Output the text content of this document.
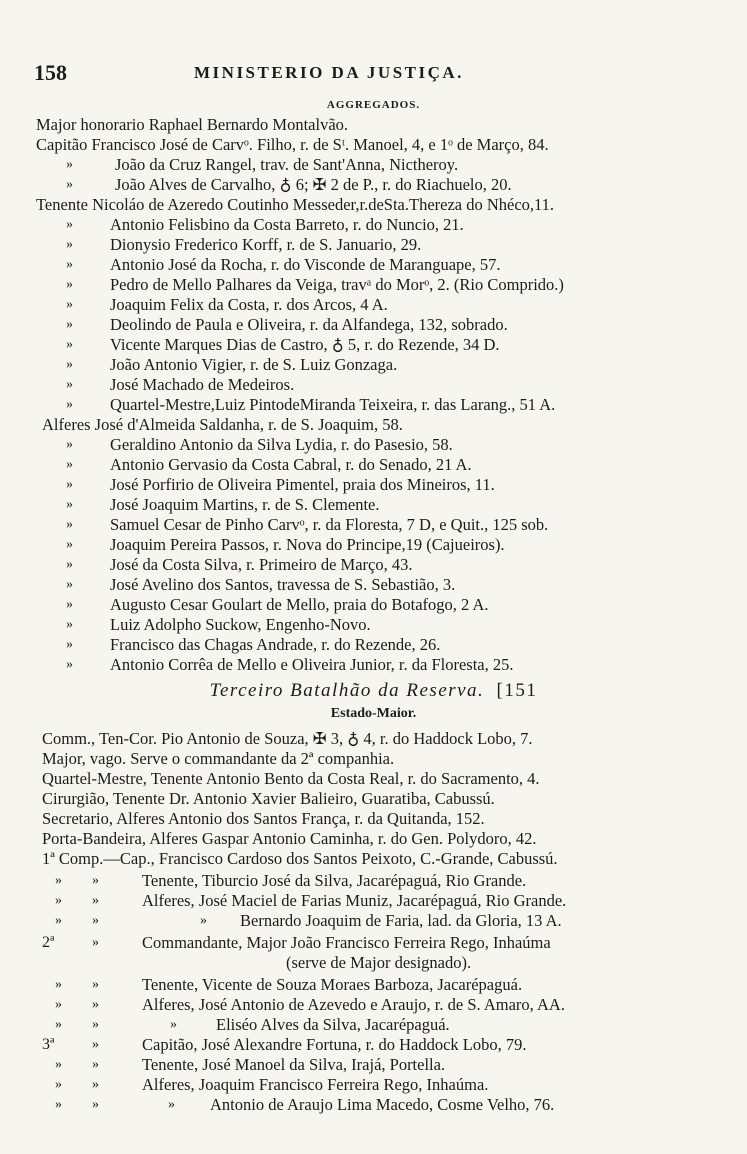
158	MINISTERIO DA JUSTIÇA.
AGGREGADOS.
Major honorario Raphael Bernardo Montalvão.
Capitão Francisco José de Carvᵒ. Filho, r. de Sᵗ. Manoel, 4, e 1ᵒ de Março, 84.
»	João da Cruz Rangel, trav. de Sant'Anna, Nictheroy.
»	João Alves de Carvalho, ♁ 6; ✠ 2 de P., r. do Riachuelo, 20.
Tenente Nicoláo de Azeredo Coutinho Messeder,r.deSta.Thereza do Nhéco,11.
» Antonio Felisbino da Costa Barreto, r. do Nuncio, 21.
» Dionysio Frederico Korff, r. de S. Januario, 29.
» Antonio José da Rocha, r. do Visconde de Maranguape, 57.
» Pedro de Mello Palhares da Veiga, travᵃ do Morᵒ, 2. (Rio Comprido.)
» Joaquim Felix da Costa, r. dos Arcos, 4 A.
» Deolindo de Paula e Oliveira, r. da Alfandega, 132, sobrado.
» Vicente Marques Dias de Castro, ♁ 5, r. do Rezende, 34 D.
» João Antonio Vigier, r. de S. Luiz Gonzaga.
» José Machado de Medeiros.
» Quartel-Mestre,Luiz PintodeMiranda Teixeira, r. das Larang., 51 A.
Alferes José d'Almeida Saldanha, r. de S. Joaquim, 58.
» Geraldino Antonio da Silva Lydia, r. do Pasesio, 58.
» Antonio Gervasio da Costa Cabral, r. do Senado, 21 A.
» José Porfirio de Oliveira Pimentel, praia dos Mineiros, 11.
» José Joaquim Martins, r. de S. Clemente.
» Samuel Cesar de Pinho Carvᵒ, r. da Floresta, 7 D, e Quit., 125 sob.
» Joaquim Pereira Passos, r. Nova do Principe,19 (Cajueiros).
» José da Costa Silva, r. Primeiro de Março, 43.
» José Avelino dos Santos, travessa de S. Sebastião, 3.
» Augusto Cesar Goulart de Mello, praia do Botafogo, 2 A.
» Luiz Adolpho Suckow, Engenho-Novo.
» Francisco das Chagas Andrade, r. do Rezende, 26.
» Antonio Corrêa de Mello e Oliveira Junior, r. da Floresta, 25.
Terceiro Batalhão da Reserva. [151
Estado-Maior.
Comm., Ten-Cor. Pio Antonio de Souza, ✠ 3, ♁ 4, r. do Haddock Lobo, 7.
Major, vago. Serve o commandante da 2ª companhia.
Quartel-Mestre, Tenente Antonio Bento da Costa Real, r. do Sacramento, 4.
Cirurgião, Tenente Dr. Antonio Xavier Balieiro, Guaratiba, Cabussú.
Secretario, Alferes Antonio dos Santos França, r. da Quitanda, 152.
Porta-Bandeira, Alferes Gaspar Antonio Caminha, r. do Gen. Polydoro, 42.
1ª Comp.—Cap., Francisco Cardoso dos Santos Peixoto, C.-Grande, Cabussú.
» »	Tenente, Tiburcio José da Silva, Jacarépaguá, Rio Grande.
» »	Alferes, José Maciel de Farias Muniz, Jacarépaguá, Rio Grande.
» »	» Bernardo Joaquim de Faria, lad. da Gloria, 13 A.
2ª	»	Commandante, Major João Francisco Ferreira Rego, Inhaúma
(serve de Major designado).
» »	Tenente, Vicente de Souza Moraes Barboza, Jacarépaguá.
» »	Alferes, José Antonio de Azevedo e Araujo, r. de S. Amaro, AA.
» »	» Eliséo Alves da Silva, Jacarépaguá.
3ª	»	Capitão, José Alexandre Fortuna, r. do Haddock Lobo, 79.
» »	Tenente, José Manoel da Silva, Irajá, Portella.
» »	Alferes, Joaquim Francisco Ferreira Rego, Inhaúma.
» »	» Antonio de Araujo Lima Macedo, Cosme Velho, 76.
